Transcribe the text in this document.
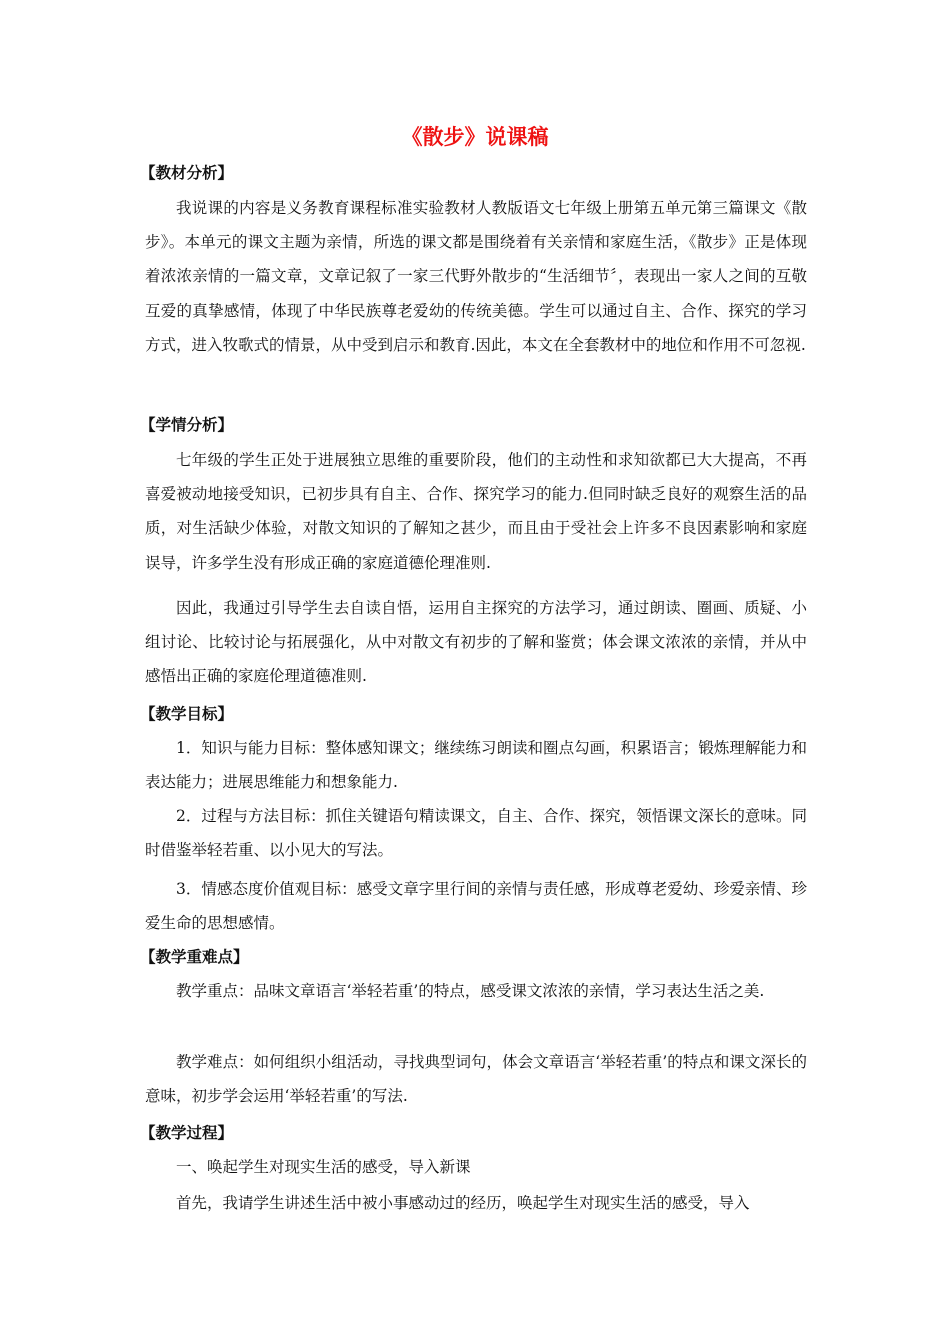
《散步》说课稿
【教材分析】

我说课的内容是义务教育课程标准实验教材人教版语文七年级上册第五单元第三篇课文《散步》。本单元的课文主题为亲情，所选的课文都是围绕着有关亲情和家庭生活，《散步》正是体现着浓浓亲情的一篇文章，文章记叙了一家三代野外散步的“生活细节〞，表现出一家人之间的互敬互爱的真挚感情，体现了中华民族尊老爱幼的传统美德。学生可以通过自主、合作、探究的学习方式，进入牧歌式的情景，从中受到启示和教育.因此，本文在全套教材中的地位和作用不可忽视.

【学情分析】

七年级的学生正处于进展独立思维的重要阶段，他们的主动性和求知欲都已大大提高，不再喜爱被动地接受知识，已初步具有自主、合作、探究学习的能力.但同时缺乏良好的观察生活的品质，对生活缺少体验，对散文知识的了解知之甚少，而且由于受社会上许多不良因素影响和家庭误导，许多学生没有形成正确的家庭道德伦理准则.

因此，我通过引导学生去自读自悟，运用自主探究的方法学习，通过朗读、圈画、质疑、小组讨论、比较讨论与拓展强化，从中对散文有初步的了解和鉴赏；体会课文浓浓的亲情，并从中感悟出正确的家庭伦理道德准则.

【教学目标】

1．知识与能力目标：整体感知课文；继续练习朗读和圈点勾画，积累语言；锻炼理解能力和表达能力；进展思维能力和想象能力.

2．过程与方法目标：抓住关键语句精读课文，自主、合作、探究，领悟课文深长的意味。同时借鉴举轻若重、以小见大的写法。

3．情感态度价值观目标：感受文章字里行间的亲情与责任感，形成尊老爱幼、珍爱亲情、珍爱生命的思想感情。

【教学重难点】

教学重点：品味文章语言‘举轻若重’的特点，感受课文浓浓的亲情，学习表达生活之美.

教学难点：如何组织小组活动，寻找典型词句，体会文章语言‘举轻若重’的特点和课文深长的意味，初步学会运用‘举轻若重’的写法.

【教学过程】

一、唤起学生对现实生活的感受，导入新课

首先，我请学生讲述生活中被小事感动过的经历，唤起学生对现实生活的感受，导入
